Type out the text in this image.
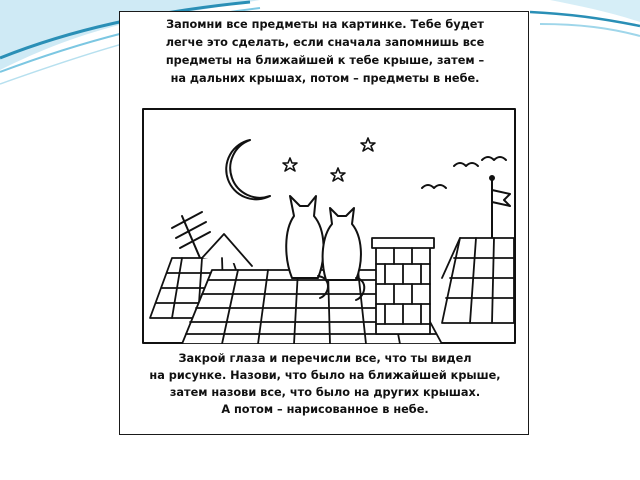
Запомни все предметы на картинке. Тебе будет
легче это сделать, если сначала запомнишь все
предметы на ближайшей к тебе крыше, затем –
на дальних крышах, потом – предметы в небе.
Закрой глаза и перечисли все, что ты видел
на рисунке. Назови, что было на ближайшей крыше,
затем назови все, что было на других крышах.
А потом – нарисованное в небе.
